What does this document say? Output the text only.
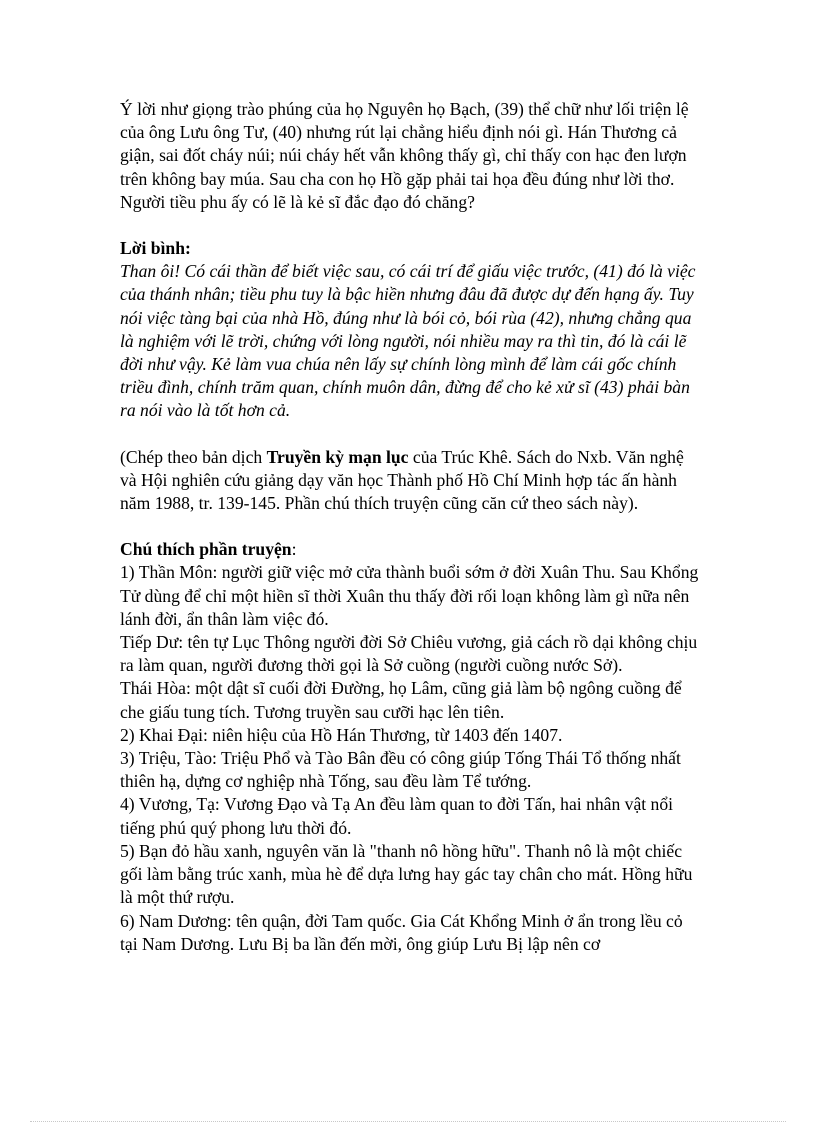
Ý lời như giọng trào phúng của họ Nguyên họ Bạch, (39) thể chữ như lối triện lệ của ông Lưu ông Tư, (40) nhưng rút lại chẳng hiểu định nói gì. Hán Thương cả giận, sai đốt cháy núi; núi cháy hết vẫn không thấy gì, chỉ thấy con hạc đen lượn trên không bay múa. Sau cha con họ Hồ gặp phải tai họa đều đúng như lời thơ.

Người tiều phu ấy có lẽ là kẻ sĩ đắc đạo đó chăng?

Lời bình:

Than ôi! Có cái thần để biết việc sau, có cái trí để giấu việc trước, (41) đó là việc của thánh nhân; tiều phu tuy là bậc hiền nhưng đâu đã được dự đến hạng ấy. Tuy nói việc tàng bại của nhà Hồ, đúng như là bói cỏ, bói rùa (42), nhưng chẳng qua là nghiệm với lẽ trời, chứng với lòng người, nói nhiều may ra thì tin, đó là cái lẽ đời như vậy. Kẻ làm vua chúa nên lấy sự chính lòng mình để làm cái gốc chính triều đình, chính trăm quan, chính muôn dân, đừng để cho kẻ xử sĩ (43) phải bàn ra nói vào là tốt hơn cả.

(Chép theo bản dịch Truyền kỳ mạn lục của Trúc Khê. Sách do Nxb. Văn nghệ và Hội nghiên cứu giảng dạy văn học Thành phố Hồ Chí Minh hợp tác ấn hành năm 1988, tr. 139-145. Phần chú thích truyện cũng căn cứ theo sách này).

Chú thích phần truyện:

1) Thần Môn: người giữ việc mở cửa thành buổi sớm ở đời Xuân Thu. Sau Khổng Tử dùng để chỉ một hiền sĩ thời Xuân thu thấy đời rối loạn không làm gì nữa nên lánh đời, ẩn thân làm việc đó.

Tiếp Dư: tên tự Lục Thông người đời Sở Chiêu vương, giả cách rồ dại không chịu ra làm quan, người đương thời gọi là Sở cuồng (người cuồng nước Sở).

Thái Hòa: một dật sĩ cuối đời Đường, họ Lâm, cũng giả làm bộ ngông cuồng để che giấu tung tích. Tương truyền sau cưỡi hạc lên tiên.

2) Khai Đại: niên hiệu của Hồ Hán Thương, từ 1403 đến 1407.

3) Triệu, Tào: Triệu Phổ và Tào Bân đều có công giúp Tống Thái Tổ thống nhất thiên hạ, dựng cơ nghiệp nhà Tống, sau đều làm Tể tướng.

4) Vương, Tạ: Vương Đạo và Tạ An đều làm quan to đời Tấn, hai nhân vật nổi tiếng phú quý phong lưu thời đó.

5) Bạn đỏ hầu xanh, nguyên văn là "thanh nô hồng hữu". Thanh nô là một chiếc gối làm bằng trúc xanh, mùa hè để dựa lưng hay gác tay chân cho mát. Hồng hữu là một thứ rượu.

6) Nam Dương: tên quận, đời Tam quốc. Gia Cát Khổng Minh ở ẩn trong lều cỏ tại Nam Dương. Lưu Bị ba lần đến mời, ông giúp Lưu Bị lập nên cơ
